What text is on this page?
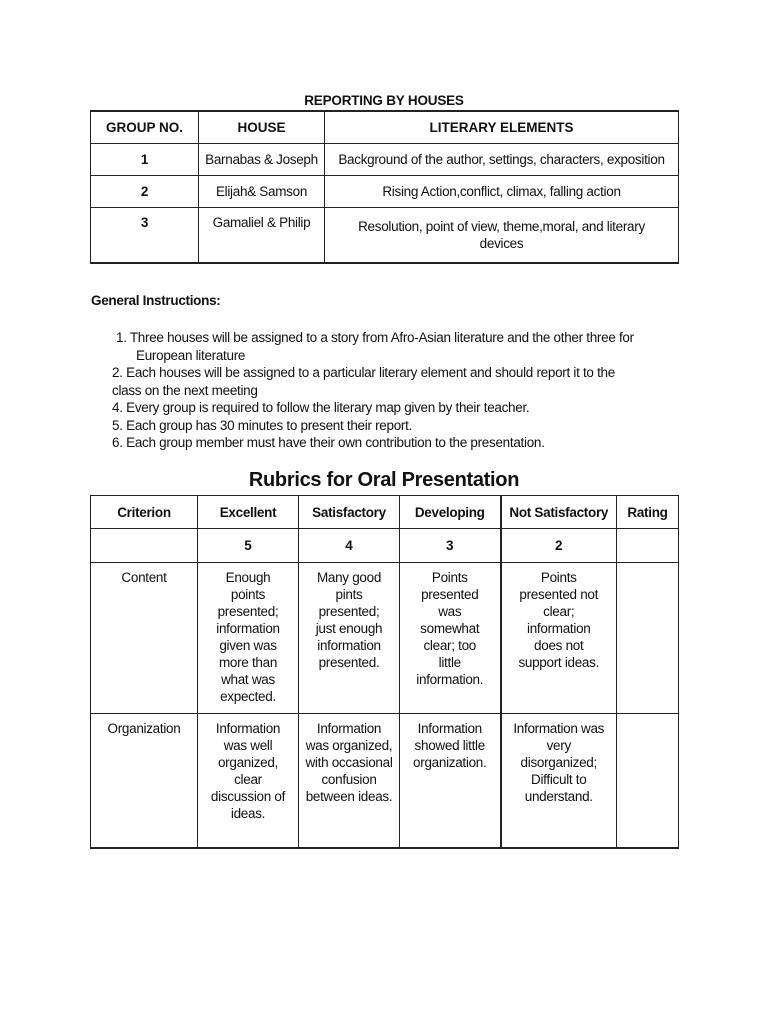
REPORTING BY HOUSES
GROUP NO.	HOUSE	LITERARY ELEMENTS
1	Barnabas & Joseph	Background of the author, settings, characters, exposition
2	Elijah& Samson	Rising Action,conflict, climax, falling action
3	Gamaliel & Philip	Resolution, point of view, theme,moral, and literary devices
General Instructions:
1. Three houses will be assigned to a story from Afro-Asian literature and the other three for
European literature
2. Each houses will be assigned to a particular literary element and should report it to the
class on the next meeting
4. Every group is required to follow the literary map given by their teacher.
5. Each group has 30 minutes to present their report.
6. Each group member must have their own contribution to the presentation.
Rubrics for Oral Presentation
Criterion	Excellent	Satisfactory	Developing	Not Satisfactory	Rating
	5	4	3	2	
Content	Enough points presented; information given was more than what was expected.	Many good pints presented; just enough information presented.	Points presented was somewhat clear; too little information.	Points presented not clear; information does not support ideas.	

Organization	Information was well organized, clear discussion of ideas.	Information was organized, with occasional confusion between ideas.	Information showed little organization.	Information was very disorganized; Difficult to understand.	
